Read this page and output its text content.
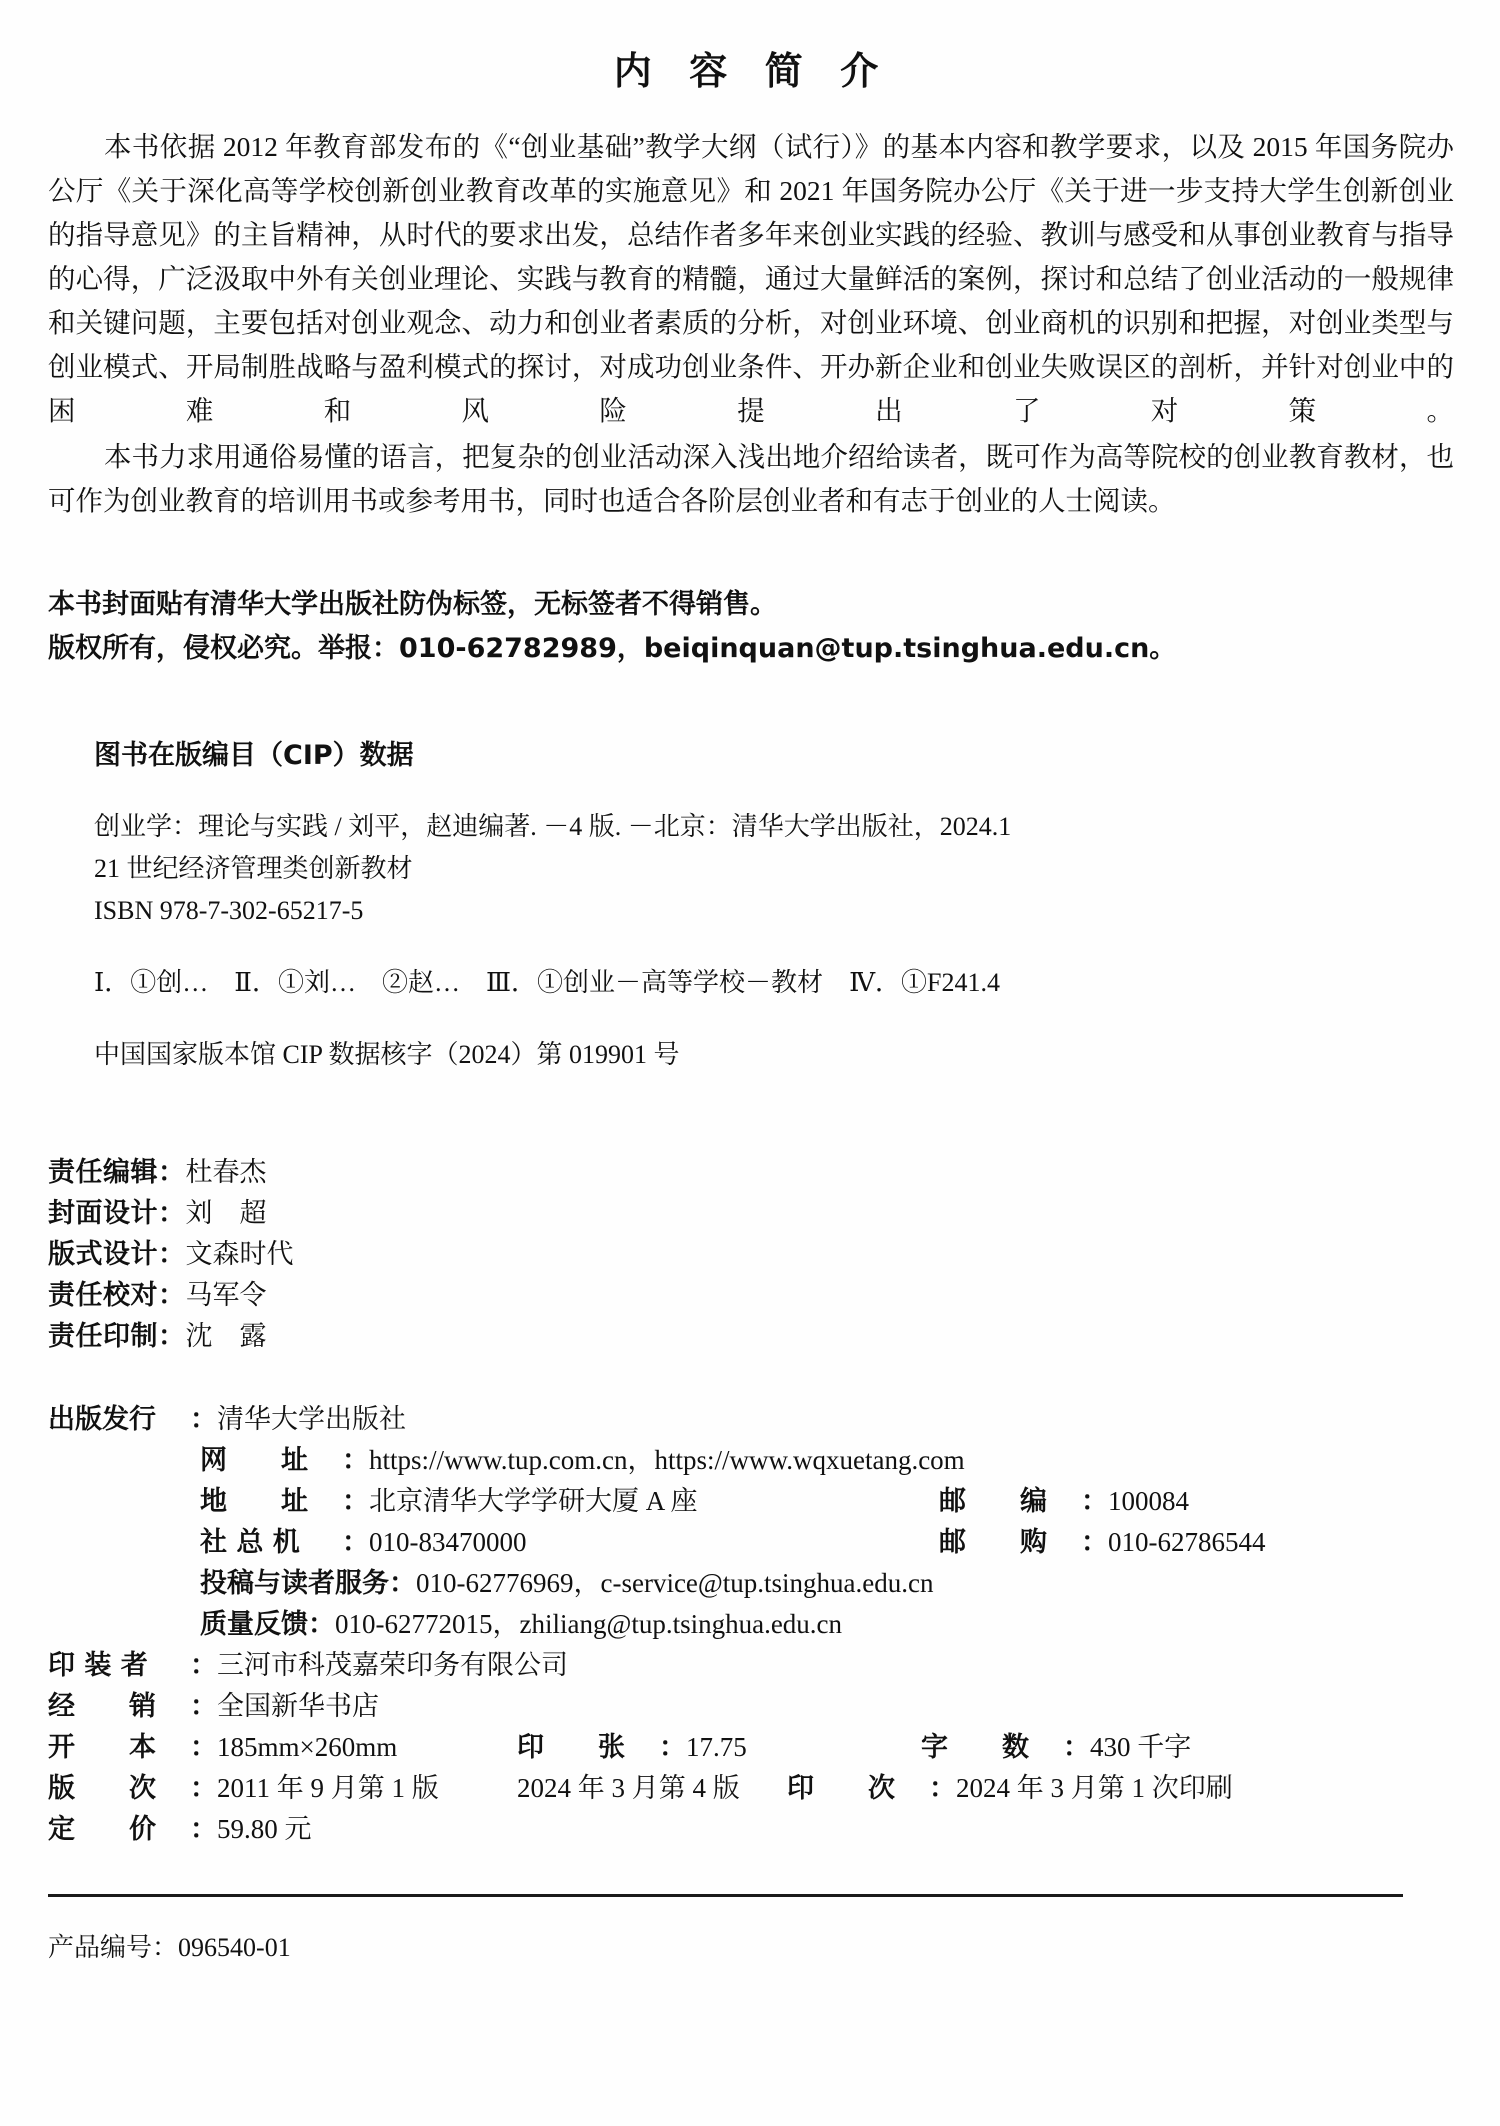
内 容 简 介

本书依据 2012 年教育部发布的《“创业基础”教学大纲（试行）》的基本内容和教学要求，以及 2015 年国务院办公厅《关于深化高等学校创新创业教育改革的实施意见》和 2021 年国务院办公厅《关于进一步支持大学生创新创业的指导意见》的主旨精神，从时代的要求出发，总结作者多年来创业实践的经验、教训与感受和从事创业教育与指导的心得，广泛汲取中外有关创业理论、实践与教育的精髓，通过大量鲜活的案例，探讨和总结了创业活动的一般规律和关键问题，主要包括对创业观念、动力和创业者素质的分析，对创业环境、创业商机的识别和把握，对创业类型与创业模式、开局制胜战略与盈利模式的探讨，对成功创业条件、开办新企业和创业失败误区的剖析，并针对创业中的困难和风险提出了对策。

本书力求用通俗易懂的语言，把复杂的创业活动深入浅出地介绍给读者，既可作为高等院校的创业教育教材，也可作为创业教育的培训用书或参考用书，同时也适合各阶层创业者和有志于创业的人士阅读。

本书封面贴有清华大学出版社防伪标签，无标签者不得销售。
版权所有，侵权必究。举报：010-62782989，beiqinquan@tup.tsinghua.edu.cn。
图书在版编目（CIP）数据
创业学：理论与实践 / 刘平，赵迪编著. －4 版. －北京：清华大学出版社，2024.1
21 世纪经济管理类创新教材
ISBN 978-7-302-65217-5
Ⅰ．①创… Ⅱ．①刘… ②赵… Ⅲ．①创业－高等学校－教材 Ⅳ．①F241.4
中国国家版本馆 CIP 数据核字（2024）第 019901 号
责任编辑：杜春杰
封面设计：刘　超
版式设计：文森时代
责任校对：马军令
责任印制：沈　露
出版发行	： 清华大学出版社
网　　址	： https://www.tup.com.cn，https://www.wqxuetang.com
地　　址	： 北京清华大学学研大厦 A 座	邮　　编	： 100084
社 总 机	： 010-83470000	邮　　购	： 010-62786544
投稿与读者服务 ： 010-62776969，c-service@tup.tsinghua.edu.cn
质量反馈 ： 010-62772015，zhiliang@tup.tsinghua.edu.cn
印 装 者	： 三河市科茂嘉荣印务有限公司
经　　销	： 全国新华书店
开　　本	： 185mm×260mm	印　　张	： 17.75	字　　数	： 430 千字
版　　次	： 2011 年 9 月第 1 版	2024 年 3 月第 4 版	印　　次	： 2024 年 3 月第 1 次印刷
定　　价	： 59.80 元
产品编号：096540-01
